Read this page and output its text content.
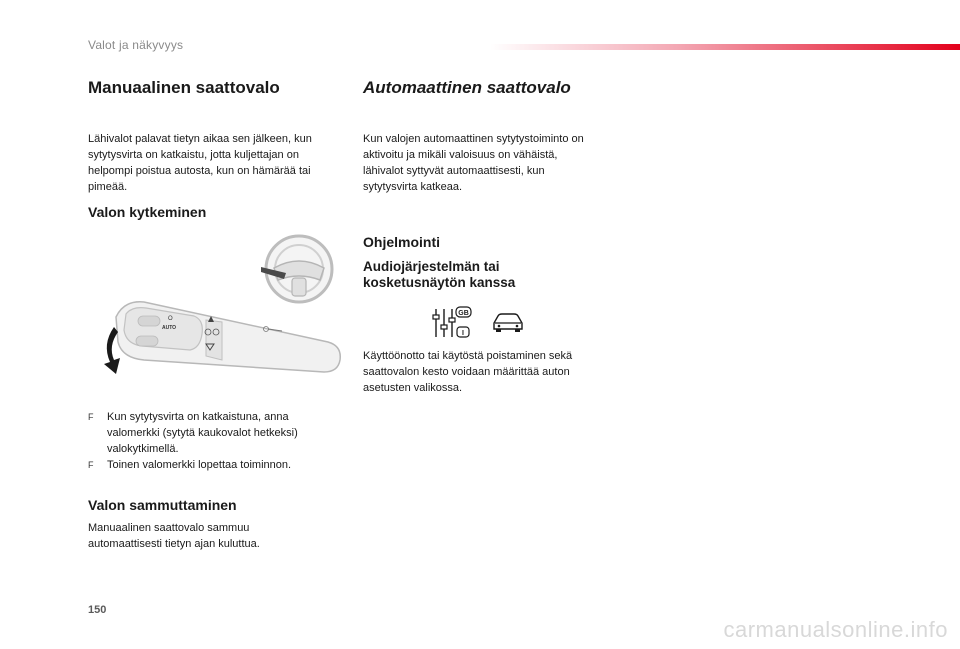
Valot ja näkyvyys
Manuaalinen saattovalo

Lähivalot palavat tietyn aikaa sen jälkeen, kun sytytysvirta on katkaistu, jotta kuljettajan on helpompi poistua autosta, kun on hämärää tai pimeää.

Valon kytkeminen
O
AUTO
F Kun sytytysvirta on katkaistuna, anna valomerkki (sytytä kaukovalot hetkeksi) valokytkimellä.
F Toinen valomerkki lopettaa toiminnon.
Valon sammuttaminen

Manuaalinen saattovalo sammuu automaattisesti tietyn ajan kuluttua.

Automaattinen saattovalo

Kun valojen automaattinen sytytystoiminto on aktivoitu ja mikäli valoisuus on vähäistä, lähivalot syttyvät automaattisesti, kun sytytysvirta katkeaa.

Ohjelmointi
Audiojärjestelmän tai kosketusnäytön kanssa
GB
I

Käyttöönotto tai käytöstä poistaminen sekä saattovalon kesto voidaan määrittää auton asetusten valikossa.

150
carmanualsonline.info
